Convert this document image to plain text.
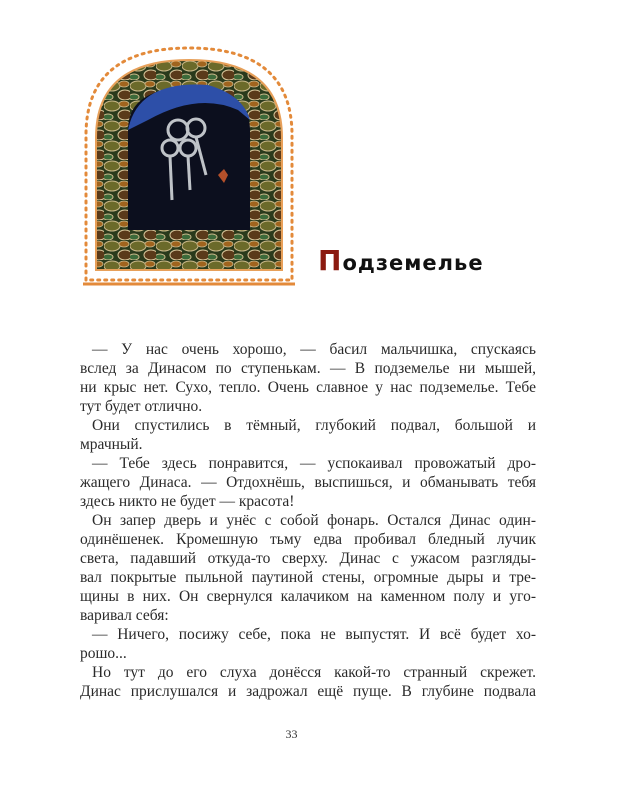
Подземелье
— У нас очень хорошо, — басил мальчишка, спускаясь
вслед за Динасом по ступенькам. — В подземелье ни мышей,
ни крыс нет. Сухо, тепло. Очень славное у нас подземелье. Тебе
тут будет отлично.
Они спустились в тёмный, глубокий подвал, большой и
мрачный.
— Тебе здесь понравится, — успокаивал провожатый дро-
жащего Динаса. — Отдохнёшь, выспишься, и обманывать тебя
здесь никто не будет — красота!
Он запер дверь и унёс с собой фонарь. Остался Динас один-
одинёшенек. Кромешную тьму едва пробивал бледный лучик
света, падавший откуда-то сверху. Динас с ужасом разгляды-
вал покрытые пыльной паутиной стены, огромные дыры и тре-
щины в них. Он свернулся калачиком на каменном полу и уго-
варивал себя:
— Ничего, посижу себе, пока не выпустят. И всё будет хо-
рошо...
Но тут до его слуха донёсся какой-то странный скрежет.
Динас прислушался и задрожал ещё пуще. В глубине подвала
33
